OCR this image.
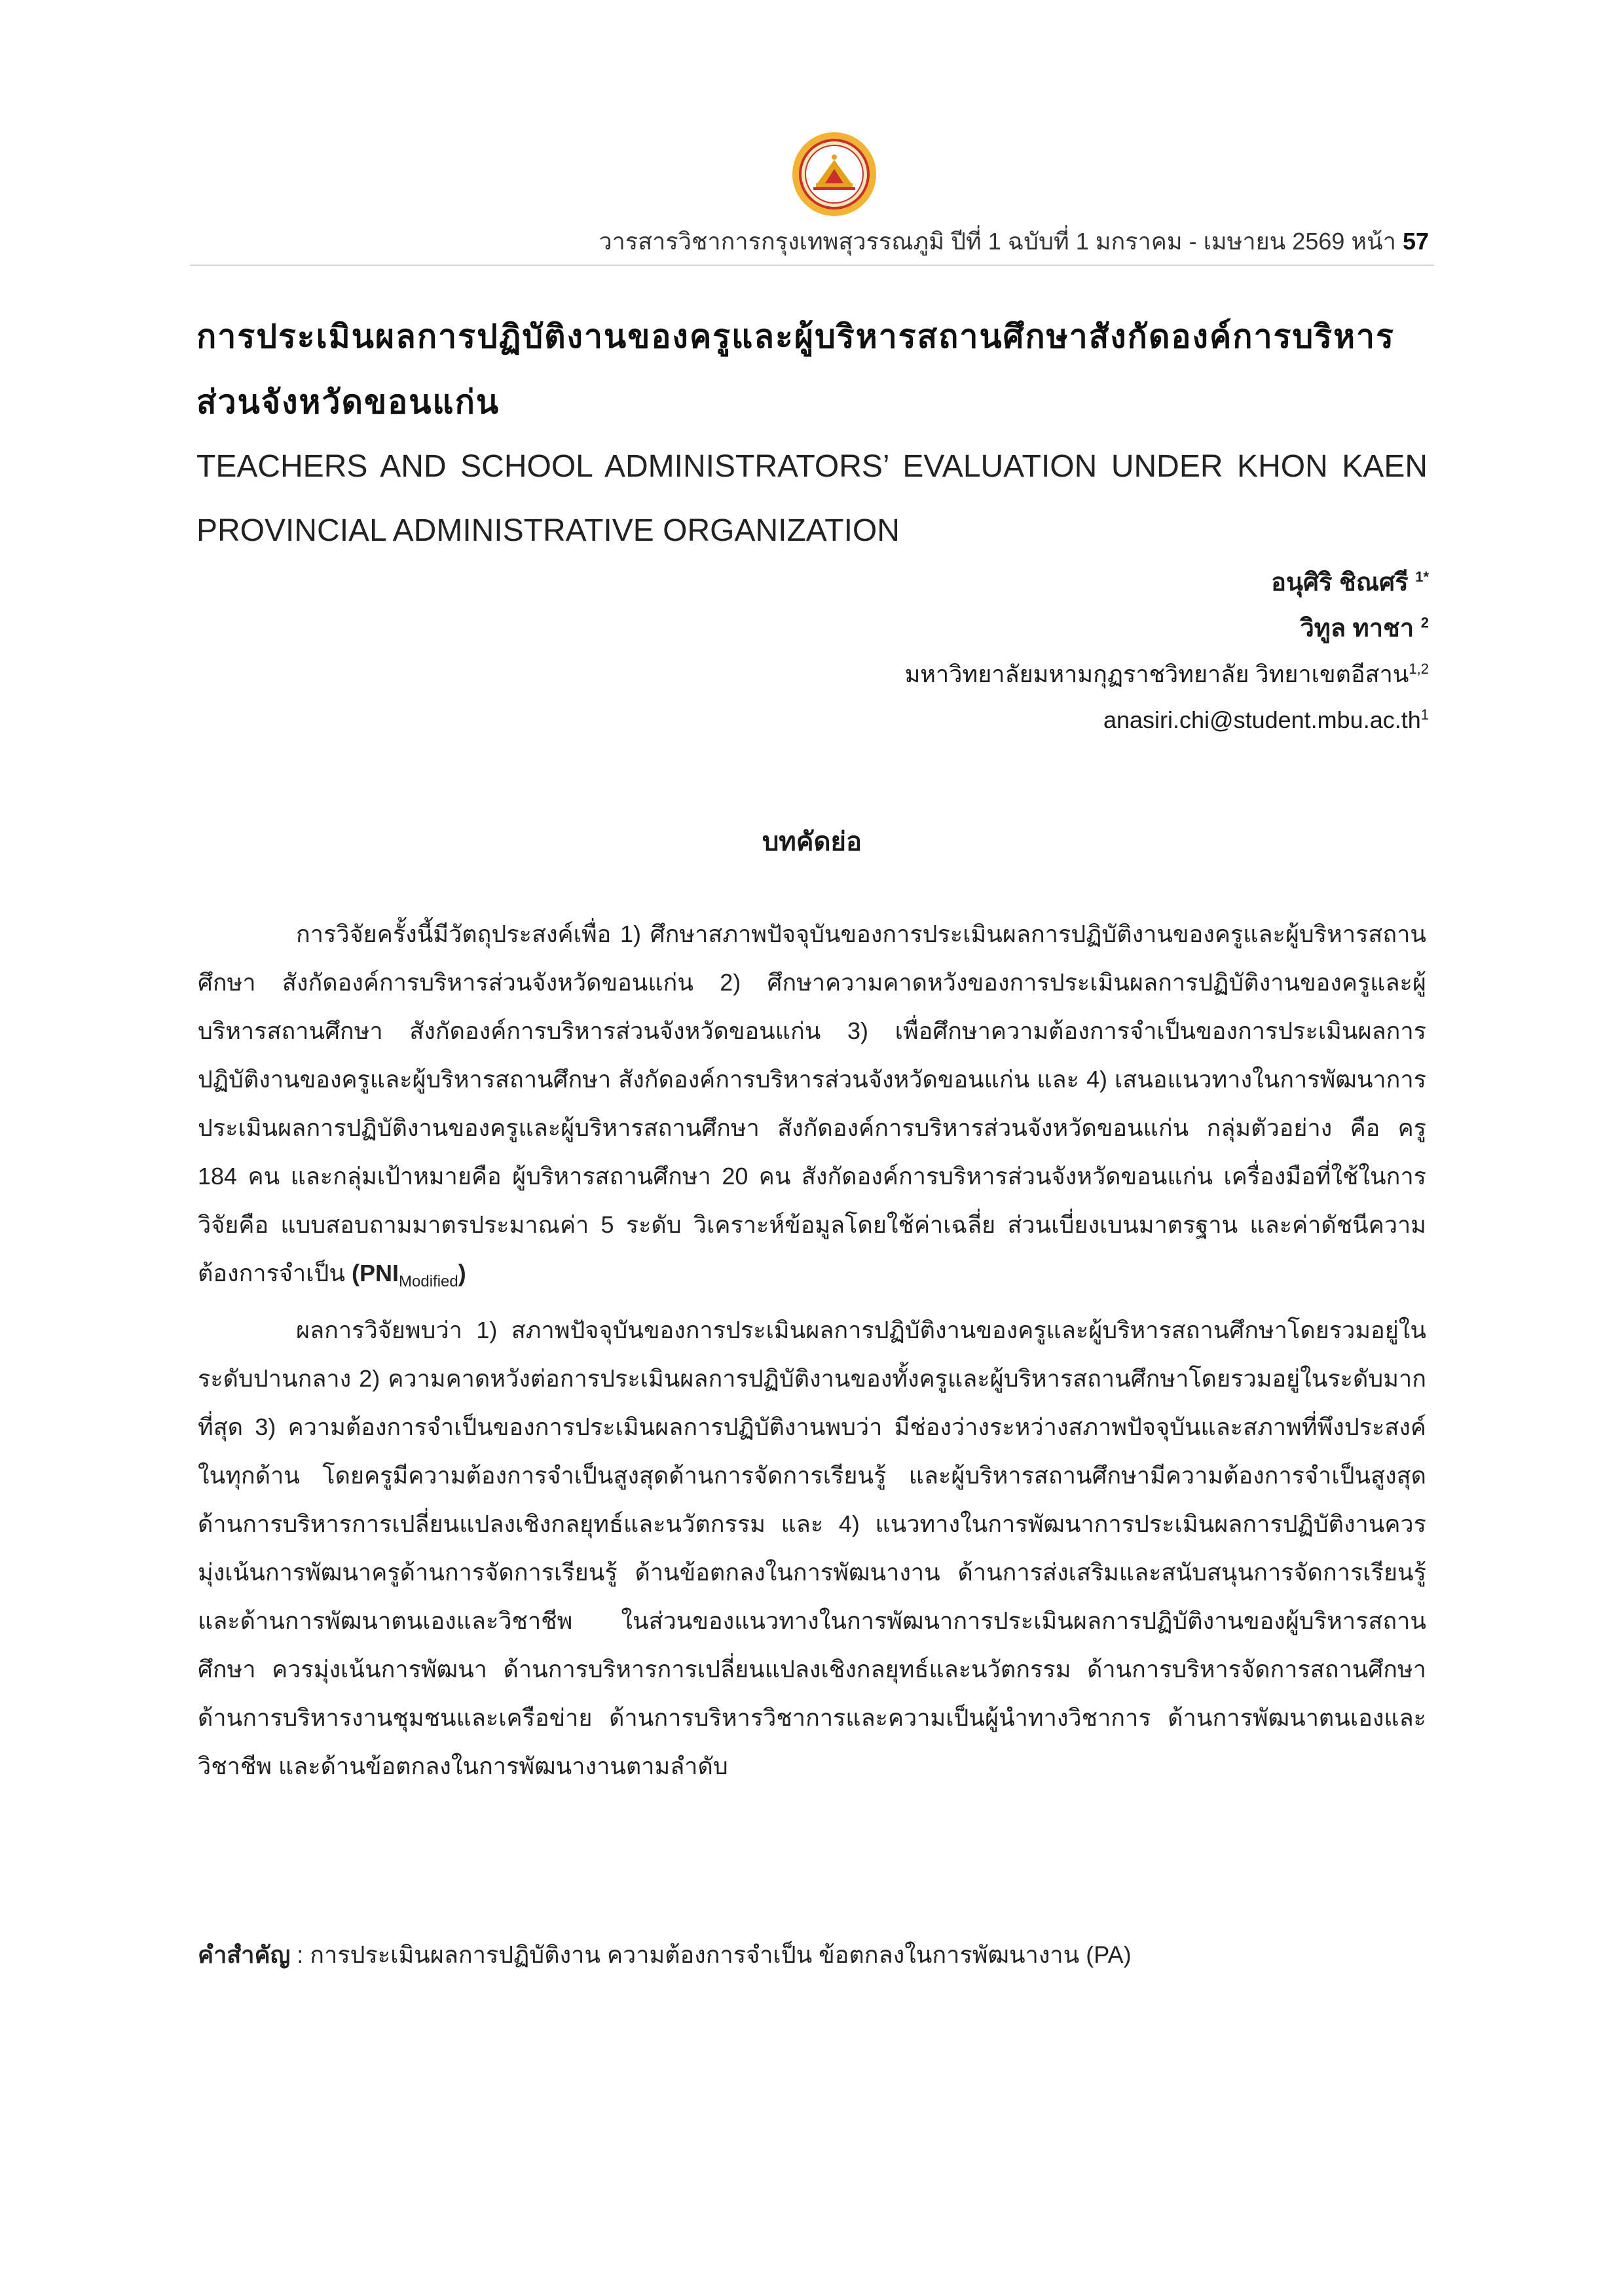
วารสารวิชาการกรุงเทพสุวรรณภูมิ ปีที่ 1 ฉบับที่ 1 มกราคม - เมษายน 2569 หน้า 57
การประเมินผลการปฏิบัติงานของครูและผู้บริหารสถานศึกษาสังกัดองค์การบริหารส่วนจังหวัดขอนแก่น
TEACHERS AND SCHOOL ADMINISTRATORS’ EVALUATION UNDER KHON KAEN PROVINCIAL ADMINISTRATIVE ORGANIZATION
อนุศิริ ชิณศรี $^{1*}$
วิทูล ทาชา $^2$
มหาวิทยาลัยมหามกุฏราชวิทยาลัย วิทยาเขตอีสาน$^{1,2}$
$anasiri.chi@student.mbu.ac.th^1$
บทคัดย่อ

การวิจัยครั้งนี้มีวัตถุประสงค์เพื่อ 1) ศึกษาสภาพปัจจุบันของการประเมินผลการปฏิบัติงานของครูและผู้บริหารสถานศึกษา สังกัดองค์การบริหารส่วนจังหวัดขอนแก่น 2) ศึกษาความคาดหวังของการประเมินผลการปฏิบัติงานของครูและผู้บริหารสถานศึกษา สังกัดองค์การบริหารส่วนจังหวัดขอนแก่น 3) เพื่อศึกษาความต้องการจำเป็นของการประเมินผลการปฏิบัติงานของครูและผู้บริหารสถานศึกษา สังกัดองค์การบริหารส่วนจังหวัดขอนแก่น และ 4) เสนอแนวทางในการพัฒนาการประเมินผลการปฏิบัติงานของครูและผู้บริหารสถานศึกษา สังกัดองค์การบริหารส่วนจังหวัดขอนแก่น กลุ่มตัวอย่าง คือ ครู 184 คน และกลุ่มเป้าหมายคือ ผู้บริหารสถานศึกษา 20 คน สังกัดองค์การบริหารส่วนจังหวัดขอนแก่น เครื่องมือที่ใช้ในการวิจัยคือ แบบสอบถามมาตรประมาณค่า 5 ระดับ วิเคราะห์ข้อมูลโดยใช้ค่าเฉลี่ย ส่วนเบี่ยงเบนมาตรฐาน และค่าดัชนีความต้องการจำเป็น $(PNI_{Modified})$

ผลการวิจัยพบว่า 1) สภาพปัจจุบันของการประเมินผลการปฏิบัติงานของครูและผู้บริหารสถานศึกษาโดยรวมอยู่ในระดับปานกลาง 2) ความคาดหวังต่อการประเมินผลการปฏิบัติงานของทั้งครูและผู้บริหารสถานศึกษาโดยรวมอยู่ในระดับมากที่สุด 3) ความต้องการจำเป็นของการประเมินผลการปฏิบัติงานพบว่า มีช่องว่างระหว่างสภาพปัจจุบันและสภาพที่พึงประสงค์ในทุกด้าน โดยครูมีความต้องการจำเป็นสูงสุดด้านการจัดการเรียนรู้ และผู้บริหารสถานศึกษามีความต้องการจำเป็นสูงสุดด้านการบริหารการเปลี่ยนแปลงเชิงกลยุทธ์และนวัตกรรม และ 4) แนวทางในการพัฒนาการประเมินผลการปฏิบัติงานควรมุ่งเน้นการพัฒนาครูด้านการจัดการเรียนรู้ ด้านข้อตกลงในการพัฒนางาน ด้านการส่งเสริมและสนับสนุนการจัดการเรียนรู้และด้านการพัฒนาตนเองและวิชาชีพ ในส่วนของแนวทางในการพัฒนาการประเมินผลการปฏิบัติงานของผู้บริหารสถานศึกษา ควรมุ่งเน้นการพัฒนา ด้านการบริหารการเปลี่ยนแปลงเชิงกลยุทธ์และนวัตกรรม ด้านการบริหารจัดการสถานศึกษา ด้านการบริหารงานชุมชนและเครือข่าย ด้านการบริหารวิชาการและความเป็นผู้นำทางวิชาการ ด้านการพัฒนาตนเองและวิชาชีพ และด้านข้อตกลงในการพัฒนางานตามลำดับ

คำสำคัญ : การประเมินผลการปฏิบัติงาน ความต้องการจำเป็น ข้อตกลงในการพัฒนางาน (PA)
